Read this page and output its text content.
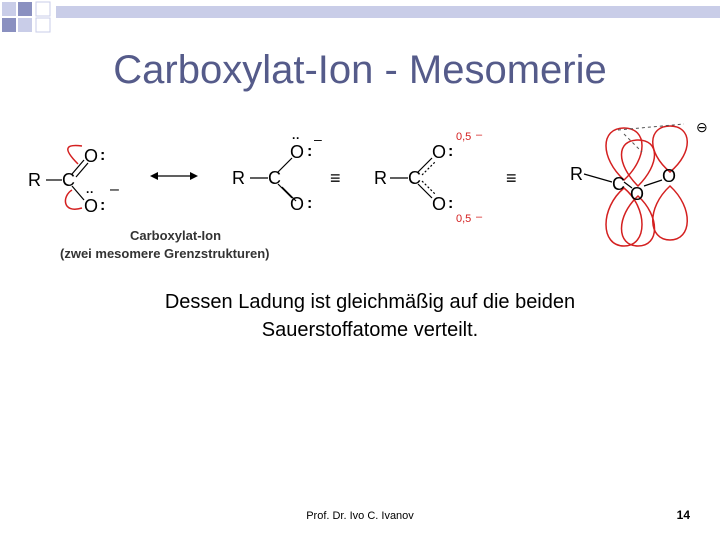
Carboxylat-Ion - Mesomerie
R C
O :
O :
·· –
R C
O
··
:
–
O :
≡ R C
O :
O :
0,5 –
0,5 –
≡	R C O
O
⊖
Carboxylat-Ion
(zwei mesomere Grenzstrukturen)
Dessen Ladung ist gleichmäßig auf die beiden
Sauerstoffatome verteilt.
Prof. Dr. Ivo C. Ivanov	14
